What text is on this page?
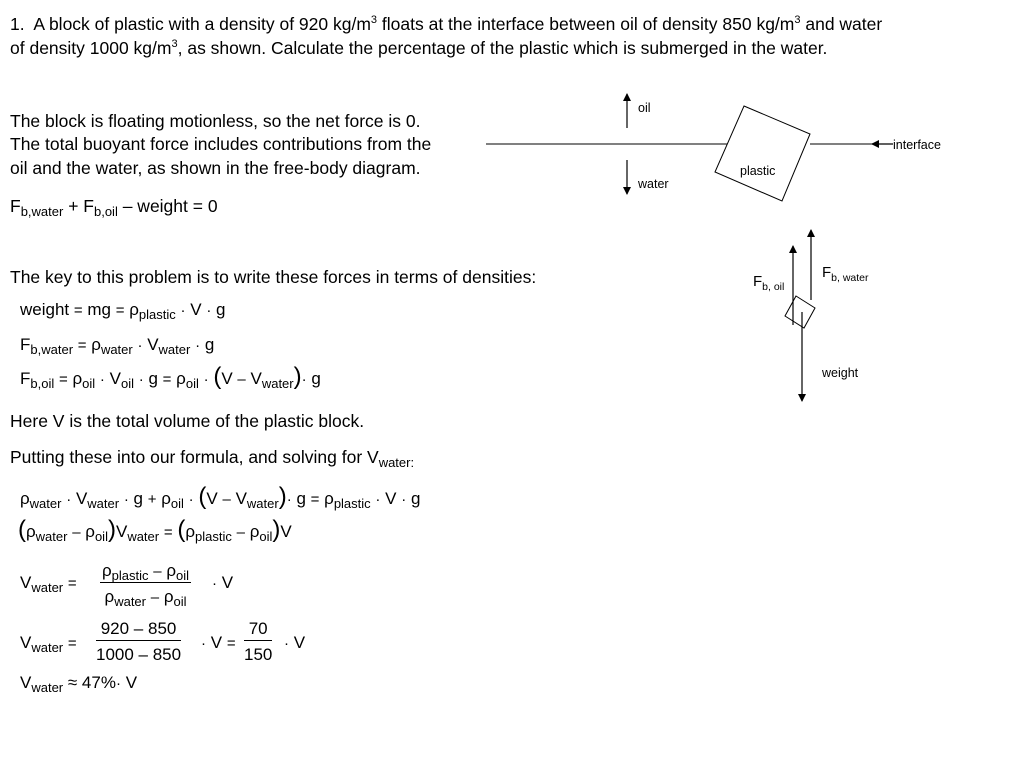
1. A block of plastic with a density of 920 $kg/m^3$ floats at the interface between oil of density 850 $kg/m^3$ and water
of density 1000 $kg/m^3$, as shown. Calculate the percentage of the plastic which is submerged in the water.
The block is floating motionless, so the net force is 0.
The total buoyant force includes contributions from the
oil and the water, as shown in the free-body diagram.
$F_{b,water} + F_{b,oil}$ – weight = 0
The key to this problem is to write these forces in terms of densities:
weight = mg = $\rho_{plastic} \cdot V \cdot g$
$F_{b,water} = \rho_{water} \cdot V_{water} \cdot g$
$F_{b,oil} = \rho_{oil} \cdot V_{oil} \cdot g = \rho_{oil} \cdot (V - V_{water})\cdot g$
Here V is the total volume of the plastic block.
Putting these into our formula, and solving for $V_{water:}$
$\rho_{water} \cdot V_{water} \cdot g + \rho_{oil} \cdot (V - V_{water})\cdot g = \rho_{plastic} \cdot V \cdot g$
$(\rho_{water} - \rho_{oil})V_{water} = (\rho_{plastic} - \rho_{oil})V$
$V_{water}$ =
$\rho_{plastic} - \rho_{oil}$
$\rho_{water} - \rho_{oil}$
· V
$V_{water} = \frac{920 - 850}{1000 - 850} \cdot V = \frac{70}{150} \cdot V$
$V_{water} \approx 47\%\cdot V$
oil
water
plastic
interface
$F_{b, oil}$
$F_{b, water}$
weight
